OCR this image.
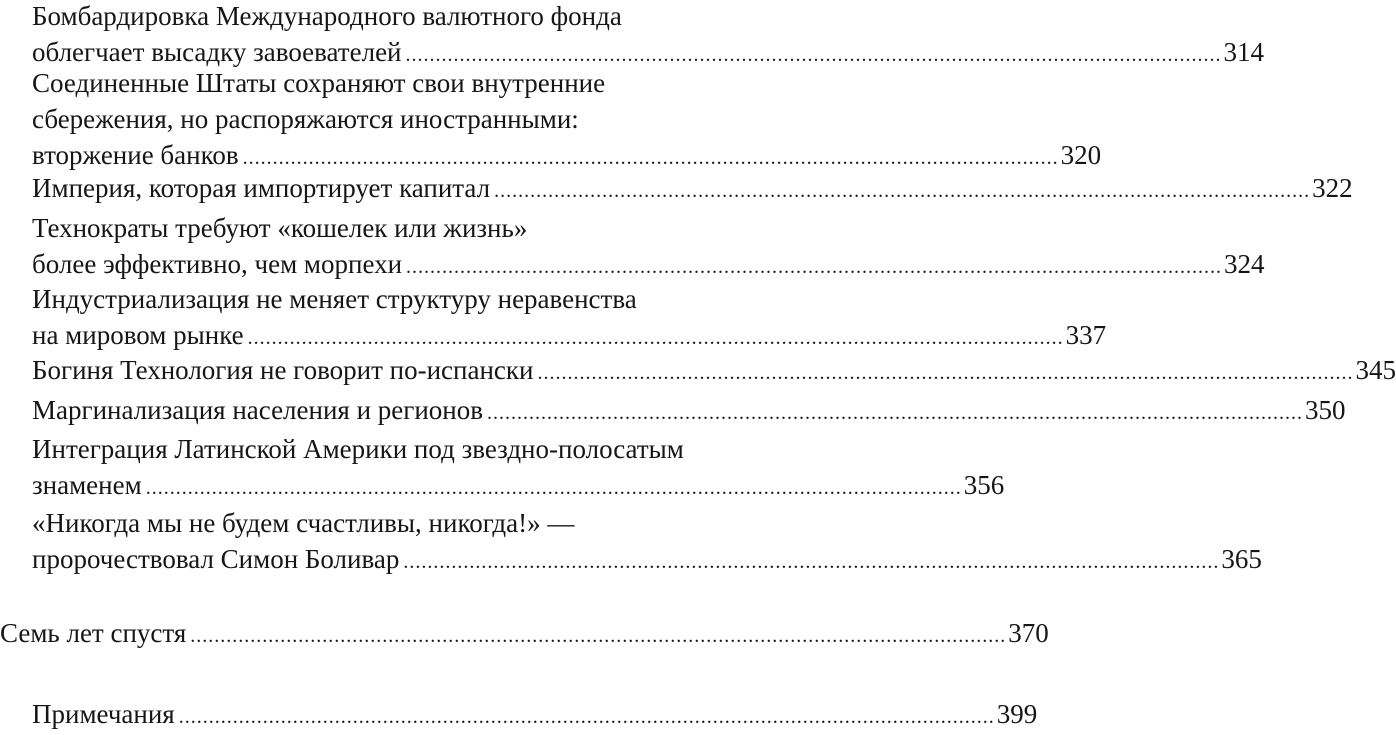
Бомбардировка Международного валютного фонда
облегчает высадку завоевателей ........................................................................................................................................ 314
Соединенные Штаты сохраняют свои внутренние
сбережения, но распоряжаются иностранными:
вторжение банков ........................................................................................................................................ 320
Империя, которая импортирует капитал ........................................................................................................................................ 322
Технократы требуют «кошелек или жизнь»
более эффективно, чем морпехи ........................................................................................................................................ 324
Индустриализация не меняет структуру неравенства
на мировом рынке ........................................................................................................................................ 337
Богиня Технология не говорит по-испански ........................................................................................................................................ 345
Маргинализация населения и регионов ........................................................................................................................................ 350
Интеграция Латинской Америки под звездно-полосатым
знаменем ........................................................................................................................................ 356
«Никогда мы не будем счастливы, никогда!» —
пророчествовал Симон Боливар ........................................................................................................................................ 365
Семь лет спустя ........................................................................................................................................ 370
Примечания ........................................................................................................................................ 399
